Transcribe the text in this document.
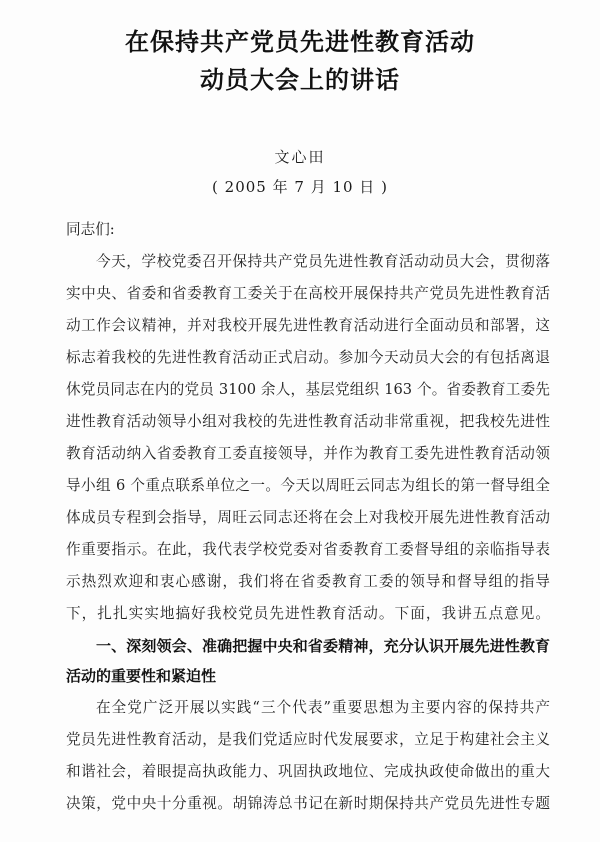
在保持共产党员先进性教育活动
动员大会上的讲话
文心田
( 2005 年 7 月 10 日 )
同志们:
今天，学校党委召开保持共产党员先进性教育活动动员大会，贯彻落
实中央、省委和省委教育工委关于在高校开展保持共产党员先进性教育活
动工作会议精神，并对我校开展先进性教育活动进行全面动员和部署，这
标志着我校的先进性教育活动正式启动。参加今天动员大会的有包括离退
休党员同志在内的党员 3100 余人，基层党组织 163 个。省委教育工委先
进性教育活动领导小组对我校的先进性教育活动非常重视，把我校先进性
教育活动纳入省委教育工委直接领导，并作为教育工委先进性教育活动领
导小组 6 个重点联系单位之一。今天以周旺云同志为组长的第一督导组全
体成员专程到会指导，周旺云同志还将在会上对我校开展先进性教育活动
作重要指示。在此，我代表学校党委对省委教育工委督导组的亲临指导表
示热烈欢迎和衷心感谢，我们将在省委教育工委的领导和督导组的指导
下，扎扎实实地搞好我校党员先进性教育活动。下面，我讲五点意见。
一、深刻领会、准确把握中央和省委精神，充分认识开展先进性教育
活动的重要性和紧迫性
在全党广泛开展以实践“三个代表”重要思想为主要内容的保持共产
党员先进性教育活动，是我们党适应时代发展要求，立足于构建社会主义
和谐社会，着眼提高执政能力、巩固执政地位、完成执政使命做出的重大
决策，党中央十分重视。胡锦涛总书记在新时期保持共产党员先进性专题
